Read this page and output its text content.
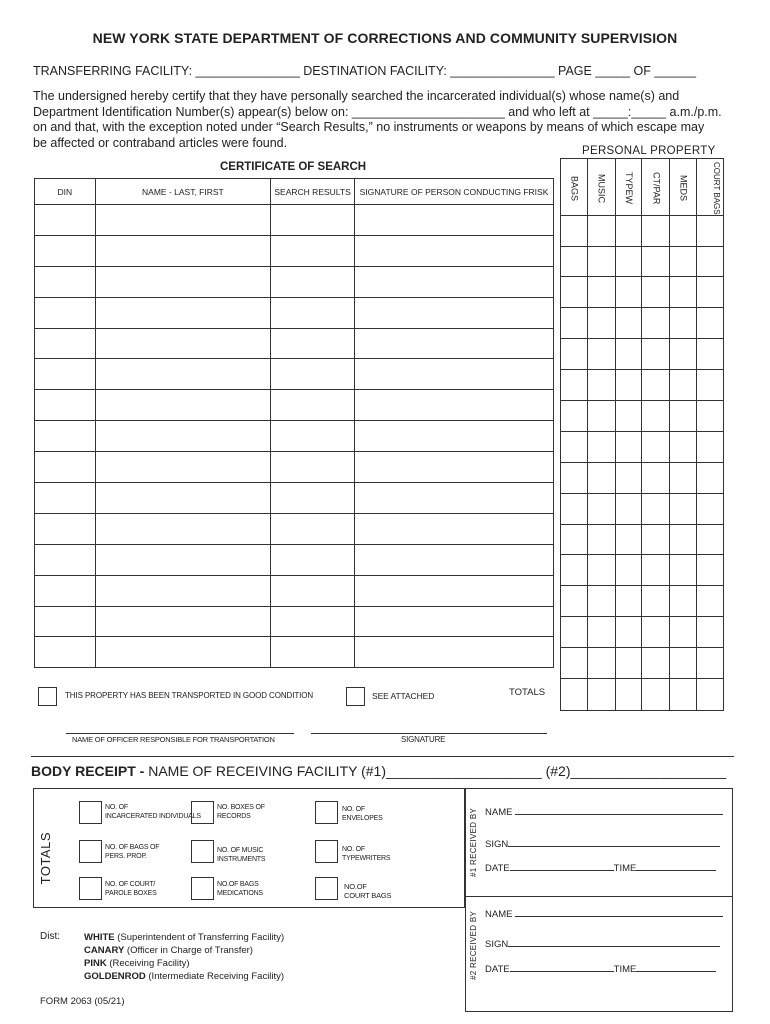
NEW YORK STATE DEPARTMENT OF CORRECTIONS AND COMMUNITY SUPERVISION
TRANSFERRING FACILITY: _______________ DESTINATION FACILITY: _______________ PAGE _____ OF ______
The undersigned hereby certify that they have personally searched the incarcerated individual(s) whose name(s) and
Department Identification Number(s) appear(s) below on: ______________________ and who left at _____:_____ a.m./p.m.
on and that, with the exception noted under “Search Results,” no instruments or weapons by means of which escape may
be affected or contraband articles were found.
CERTIFICATE OF SEARCH
PERSONAL PROPERTY
DIN	NAME - LAST, FIRST	SEARCH RESULTS	SIGNATURE OF PERSON CONDUCTING FRISK

			BAGS	MUSIC	TYPEW	CT/PAR	MEDS	COURT BAGS

THIS PROPERTY HAS BEEN TRANSPORTED IN GOOD CONDITION	SEE ATTACHED	TOTALS
NAME OF OFFICER RESPONSIBLE FOR TRANSPORTATION	SIGNATURE
BODY RECEIPT - NAME OF RECEIVING FACILITY (#1)____________________ (#2)____________________
TOTALS
NO. OF
INCARCERATED INDIVIDUALS
NO. BOXES OF
RECORDS
NO. OF
ENVELOPES
NO. OF BAGS OF
PERS. PROP.
NO. OF MUSIC
INSTRUMENTS
NO. OF
TYPEWRITERS
NO. OF COURT/
PAROLE BOXES
NO.OF BAGS
MEDICATIONS
NO.OF
COURT BAGS
#1 RECEIVED BY NAME
SIGN
DATE	TIME
#2 RECEIVED BY NAME
SIGN
DATE	TIME
Dist:	WHITE (Superintendent of Transferring Facility)
CANARY (Officer in Charge of Transfer)
PINK (Receiving Facility)
GOLDENROD (Intermediate Receiving Facility)
FORM 2063 (05/21)
